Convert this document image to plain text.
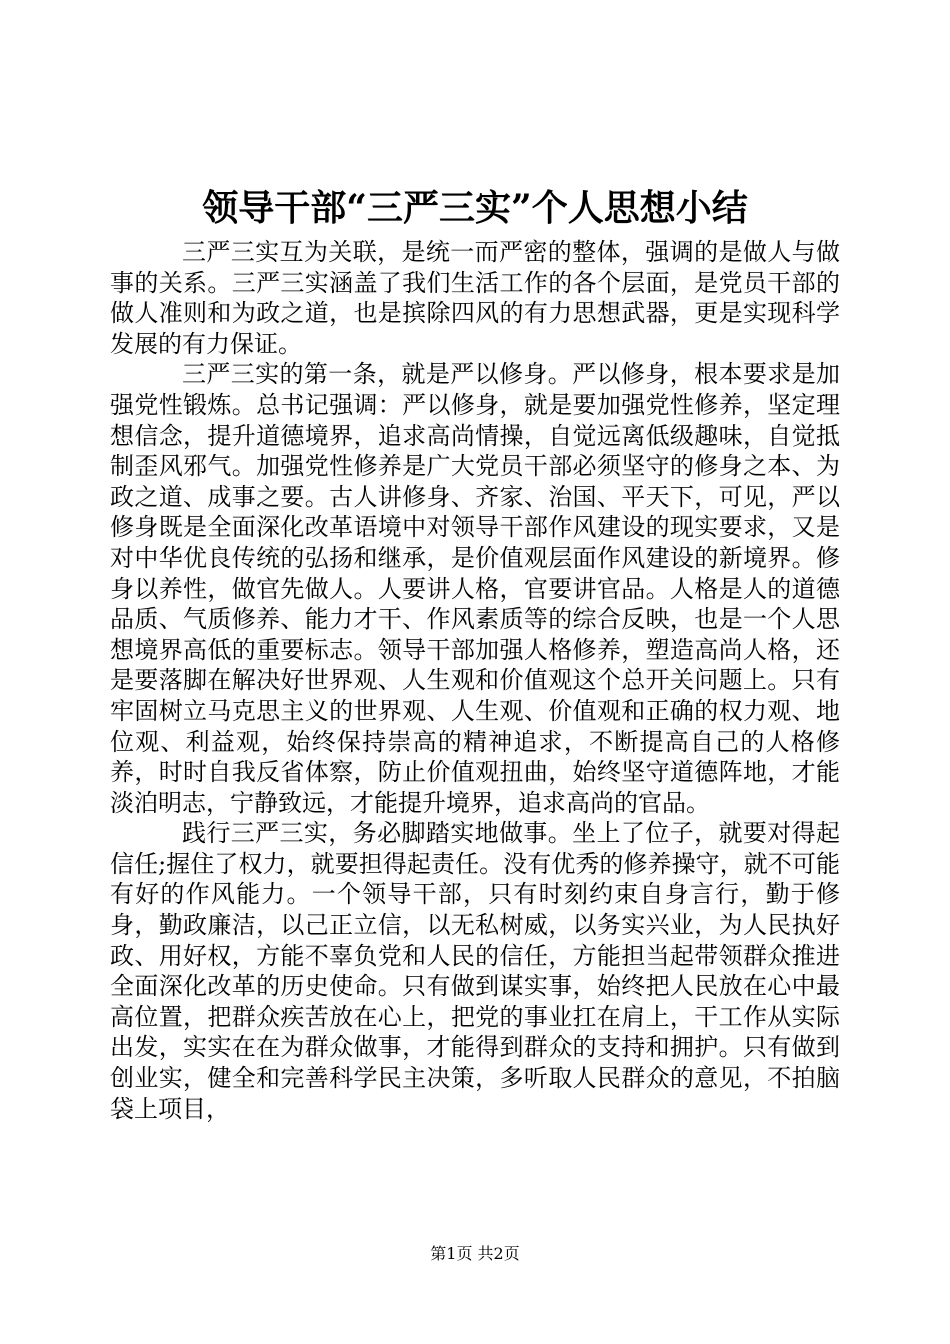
领导干部“三严三实”个人思想小结

三严三实互为关联，是统一而严密的整体，强调的是做人与做事的关系。三严三实涵盖了我们生活工作的各个层面，是党员干部的做人准则和为政之道，也是摈除四风的有力思想武器，更是实现科学发展的有力保证。

三严三实的第一条，就是严以修身。严以修身，根本要求是加强党性锻炼。总书记强调：严以修身，就是要加强党性修养，坚定理想信念，提升道德境界，追求高尚情操，自觉远离低级趣味，自觉抵制歪风邪气。加强党性修养是广大党员干部必须坚守的修身之本、为政之道、成事之要。古人讲修身、齐家、治国、平天下，可见，严以修身既是全面深化改革语境中对领导干部作风建设的现实要求，又是对中华优良传统的弘扬和继承，是价值观层面作风建设的新境界。修身以养性，做官先做人。人要讲人格，官要讲官品。人格是人的道德品质、气质修养、能力才干、作风素质等的综合反映，也是一个人思想境界高低的重要标志。领导干部加强人格修养，塑造高尚人格，还是要落脚在解决好世界观、人生观和价值观这个总开关问题上。只有牢固树立马克思主义的世界观、人生观、价值观和正确的权力观、地位观、利益观，始终保持崇高的精神追求，不断提高自己的人格修养，时时自我反省体察，防止价值观扭曲，始终坚守道德阵地，才能淡泊明志，宁静致远，才能提升境界，追求高尚的官品。

践行三严三实，务必脚踏实地做事。坐上了位子，就要对得起信任;握住了权力，就要担得起责任。没有优秀的修养操守，就不可能有好的作风能力。一个领导干部，只有时刻约束自身言行，勤于修身，勤政廉洁，以己正立信，以无私树威，以务实兴业，为人民执好政、用好权，方能不辜负党和人民的信任，方能担当起带领群众推进全面深化改革的历史使命。只有做到谋实事，始终把人民放在心中最高位置，把群众疾苦放在心上，把党的事业扛在肩上，干工作从实际出发，实实在在为群众做事，才能得到群众的支持和拥护。只有做到创业实，健全和完善科学民主决策，多听取人民群众的意见，不拍脑袋上项目，

第1页 共2页
